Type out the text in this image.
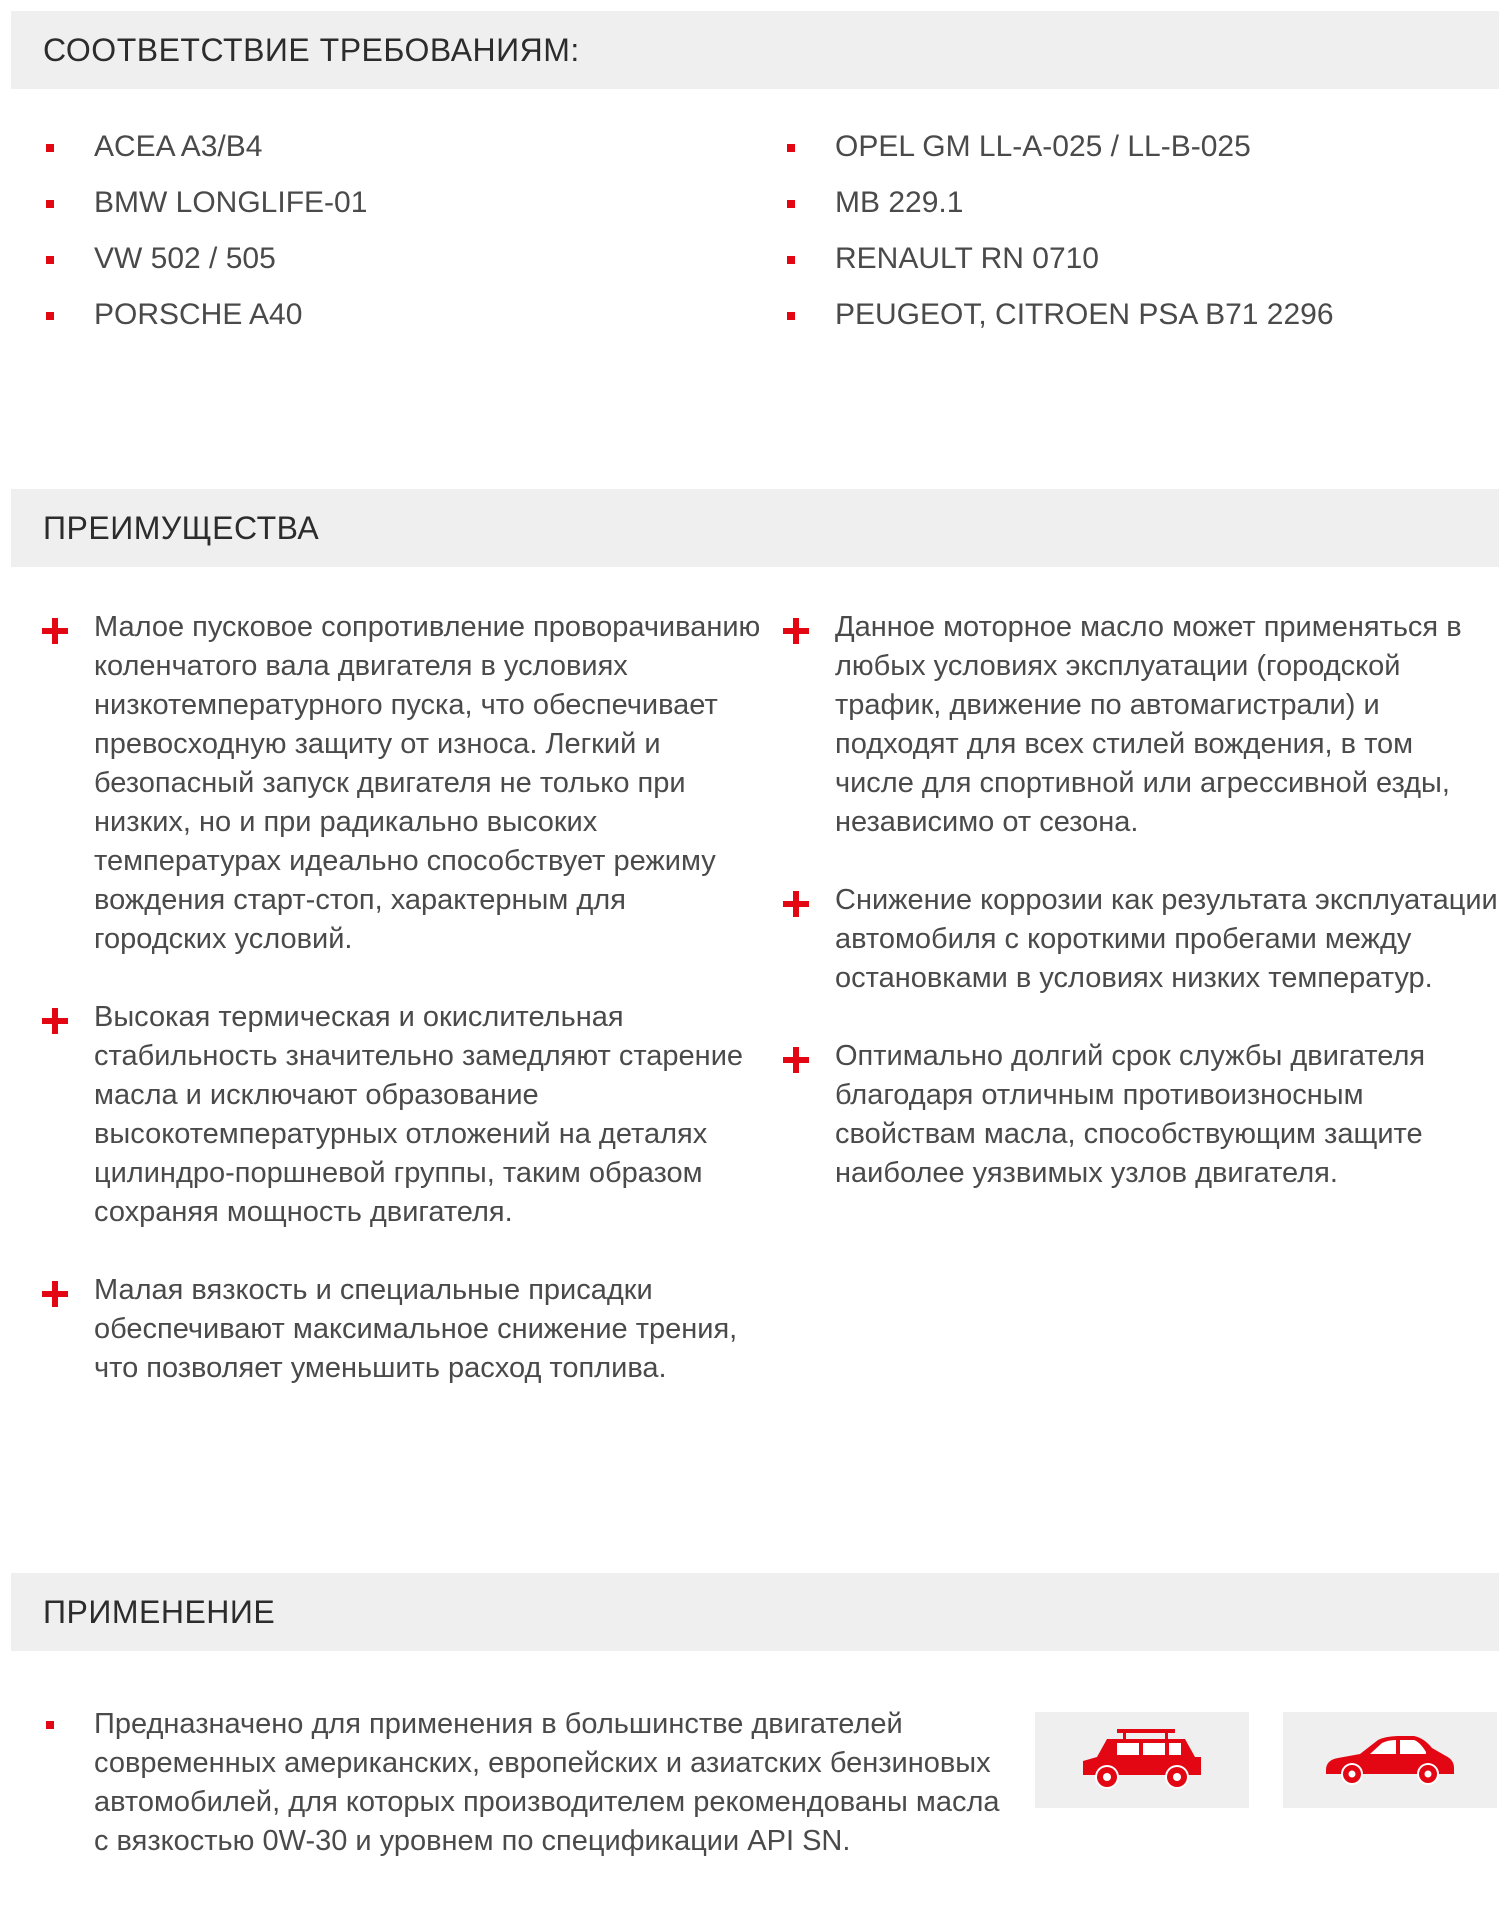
СООТВЕТСТВИЕ ТРЕБОВАНИЯМ:
ACEA A3/B4
BMW LONGLIFE-01
VW 502 / 505
PORSCHE A40
OPEL GM LL-A-025 / LL-B-025
MB 229.1
RENAULT RN 0710
PEUGEOT, CITROEN PSA B71 2296
ПРЕИМУЩЕСТВА
Малое пусковое сопротивление проворачиванию коленчатого вала двигателя в условиях низкотемпературного пуска, что обеспечивает превосходную защиту от износа. Легкий и безопасный запуск двигателя не только при низких, но и при радикально высоких температурах идеально способствует режиму вождения старт-стоп, характерным для городских условий.
Высокая термическая и окислительная стабильность значительно замедляют старение масла и исключают образование высокотемпературных отложений на деталях цилиндро-поршневой группы, таким образом сохраняя мощность двигателя.
Малая вязкость и специальные присадки обеспечивают максимальное снижение трения, что позволяет уменьшить расход топлива.
Данное моторное масло может применяться в любых условиях эксплуатации (городской трафик, движение по автомагистрали) и подходят для всех стилей вождения, в том числе для спортивной или агрессивной езды, независимо от сезона.
Снижение коррозии как результата эксплуатации автомобиля с короткими пробегами между остановками в условиях низких температур.
Оптимально долгий срок службы двигателя благодаря отличным противоизносным свойствам масла, способствующим защите наиболее уязвимых узлов двигателя.
ПРИМЕНЕНИЕ
Предназначено для применения в большинстве двигателей современных американских, европейских и азиатских бензиновых автомобилей, для которых производителем рекомендованы масла с вязкостью 0W-30 и уровнем по спецификации API SN.
